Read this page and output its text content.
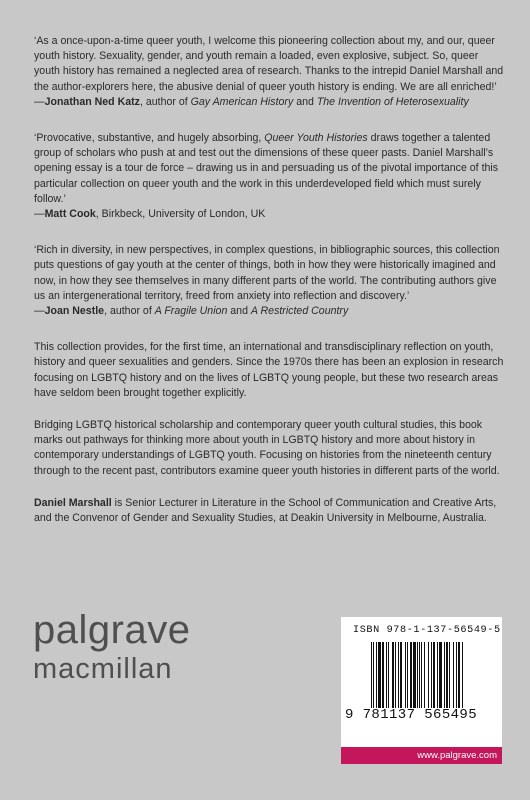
‘As a once-upon-a-time queer youth, I welcome this pioneering collection about my, and our, queer youth history. Sexuality, gender, and youth remain a loaded, even explosive, subject. So, queer youth history has remained a neglected area of research. Thanks to the intrepid Daniel Marshall and the author-explorers here, the abusive denial of queer youth history is ending. We are all enriched!’

—Jonathan Ned Katz, author of Gay American History and The Invention of Heterosexuality

‘Provocative, substantive, and hugely absorbing, Queer Youth Histories draws together a talented group of scholars who push at and test out the dimensions of these queer pasts. Daniel Marshall’s opening essay is a tour de force – drawing us in and persuading us of the pivotal importance of this particular collection on queer youth and the work in this underdeveloped field which must surely follow.’

—Matt Cook, Birkbeck, University of London, UK

‘Rich in diversity, in new perspectives, in complex questions, in bibliographic sources, this collection puts questions of gay youth at the center of things, both in how they were historically imagined and now, in how they see themselves in many different parts of the world. The contributing authors give us an intergenerational territory, freed from anxiety into reflection and discovery.’

—Joan Nestle, author of A Fragile Union and A Restricted Country

This collection provides, for the first time, an international and transdisciplinary reflection on youth, history and queer sexualities and genders. Since the 1970s there has been an explosion in research focusing on LGBTQ history and on the lives of LGBTQ young people, but these two research areas have seldom been brought together explicitly.

Bridging LGBTQ historical scholarship and contemporary queer youth cultural studies, this book marks out pathways for thinking more about youth in LGBTQ history and more about history in contemporary understandings of LGBTQ youth. Focusing on histories from the nineteenth century through to the recent past, contributors examine queer youth histories in different parts of the world.

Daniel Marshall is Senior Lecturer in Literature in the School of Communication and Creative Arts, and the Convenor of Gender and Sexuality Studies, at Deakin University in Melbourne, Australia.

palgrave
macmillan
ISBN 978-1-137-56549-5
9 781137 565495
www.palgrave.com
